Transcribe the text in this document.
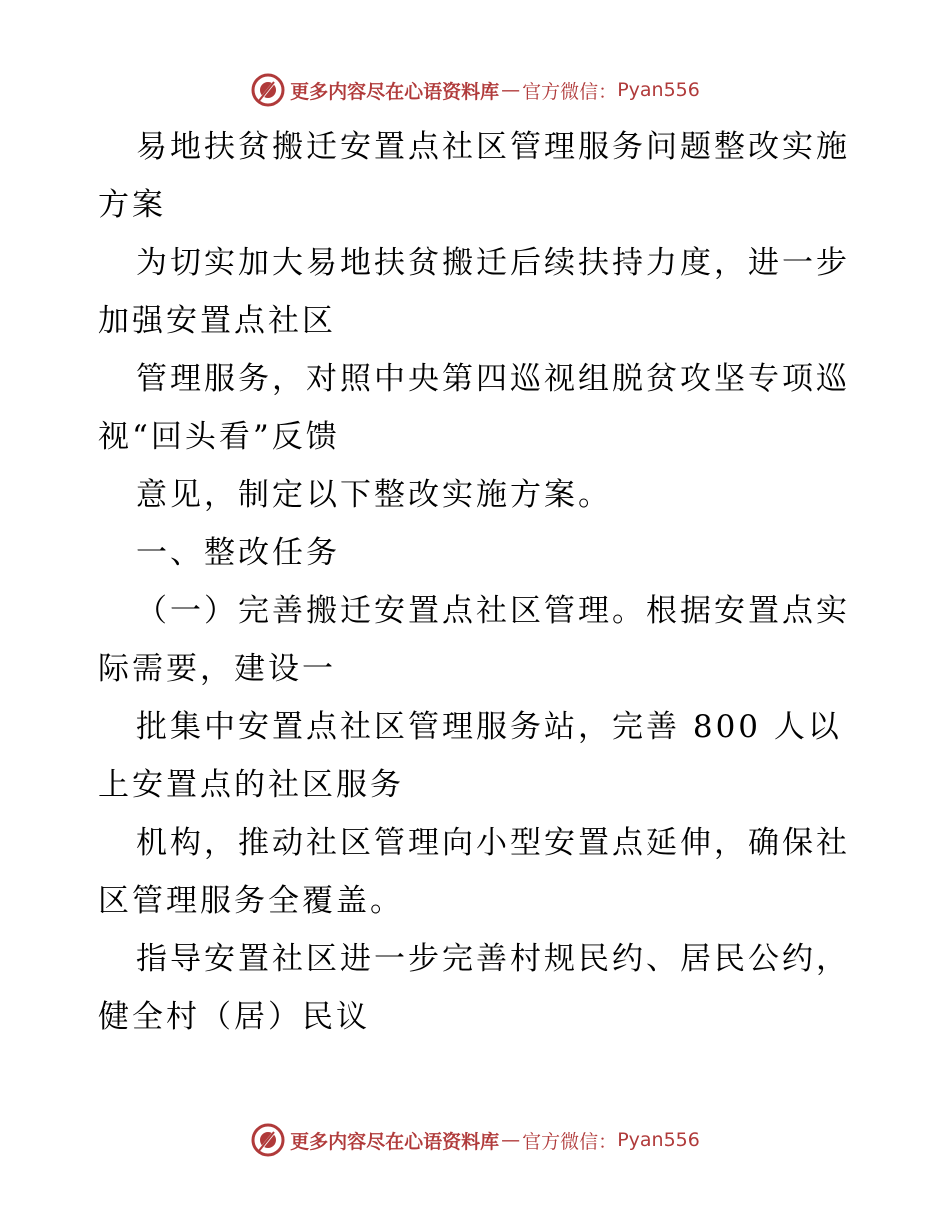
更多内容尽在心语资料库 — 官方微信： Pyan556
易地扶贫搬迁安置点社区管理服务问题整改实施
方案
为切实加大易地扶贫搬迁后续扶持力度，进一步
加强安置点社区
管理服务，对照中央第四巡视组脱贫攻坚专项巡
视“回头看”反馈
意见，制定以下整改实施方案。
一、整改任务
（一）完善搬迁安置点社区管理。根据安置点实
际需要，建设一
批集中安置点社区管理服务站，完善 800 人以
上安置点的社区服务
机构，推动社区管理向小型安置点延伸，确保社
区管理服务全覆盖。
指导安置社区进一步完善村规民约、居民公约，
健全村（居）民议
更多内容尽在心语资料库 — 官方微信： Pyan556
